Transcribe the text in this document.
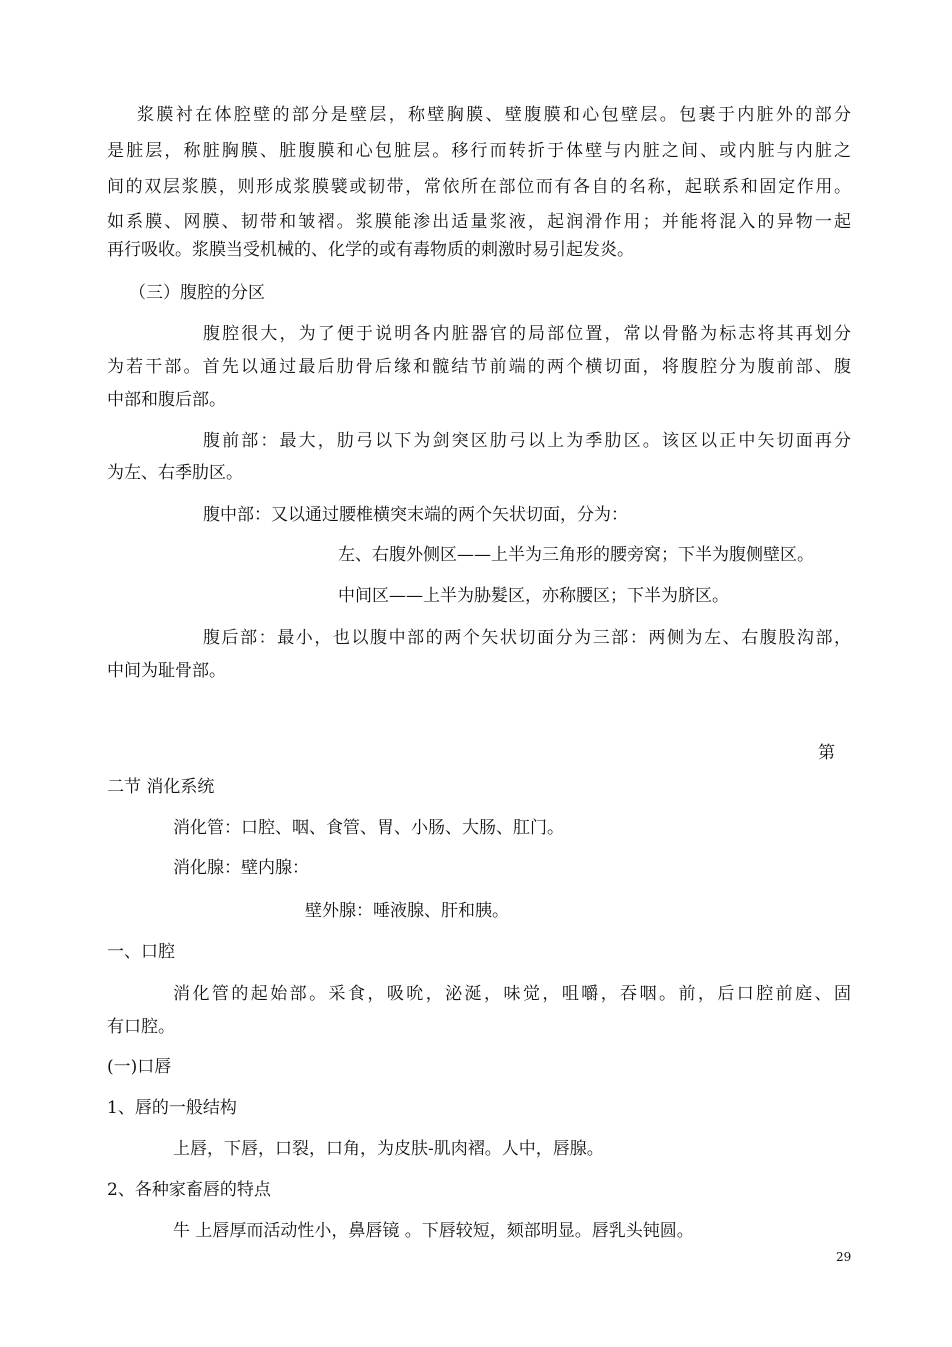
浆膜衬在体腔壁的部分是壁层，称壁胸膜、壁腹膜和心包壁层。包裹于内脏外的部分
是脏层，称脏胸膜、脏腹膜和心包脏层。移行而转折于体壁与内脏之间、或内脏与内脏之
间的双层浆膜，则形成浆膜襞或韧带，常依所在部位而有各自的名称，起联系和固定作用。
如系膜、网膜、韧带和皱褶。浆膜能渗出适量浆液，起润滑作用；并能将混入的异物一起
再行吸收。浆膜当受机械的、化学的或有毒物质的刺激时易引起发炎。
（三）腹腔的分区
腹腔很大，为了便于说明各内脏器官的局部位置，常以骨骼为标志将其再划分
为若干部。首先以通过最后肋骨后缘和髋结节前端的两个横切面，将腹腔分为腹前部、腹
中部和腹后部。
腹前部：最大，肋弓以下为剑突区肋弓以上为季肋区。该区以正中矢切面再分
为左、右季肋区。
腹中部：又以通过腰椎横突末端的两个矢状切面，分为：
左、右腹外侧区——上半为三角形的腰旁窝；下半为腹侧壁区。
中间区——上半为胁髮区，亦称腰区；下半为脐区。
腹后部：最小，也以腹中部的两个矢状切面分为三部：两侧为左、右腹股沟部，
中间为耻骨部。
第
二节 消化系统
消化管：口腔、咽、食管、胃、小肠、大肠、肛门。
消化腺：壁内腺：
壁外腺：唾液腺、肝和胰。
一、口腔
消化管的起始部。采食，吸吮，泌涎，味觉，咀嚼，吞咽。前，后口腔前庭、固
有口腔。
(一)口唇
1、唇的一般结构
上唇，下唇，口裂，口角，为皮肤-肌肉褶。人中，唇腺。
2、各种家畜唇的特点
牛 上唇厚而活动性小，鼻唇镜 。下唇较短，颏部明显。唇乳头钝圆。
29
